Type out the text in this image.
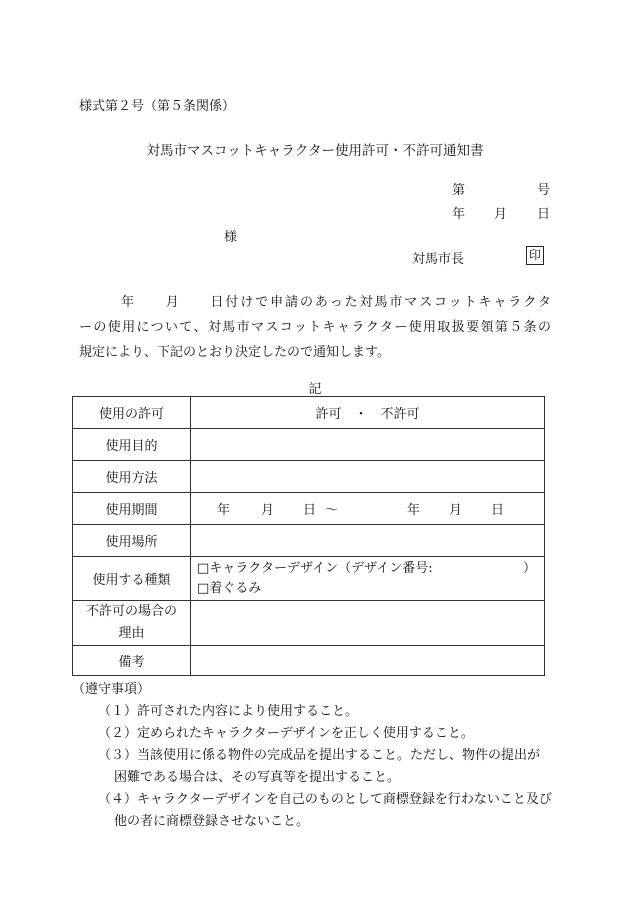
様式第２号（第５条関係）
対馬市マスコットキャラクター使用許可・不許可通知書
第	号
年 月 日
様
対馬市長	印
年　　月　　日付けで申請のあった対馬市マスコットキャラクタ
ーの使用について、対馬市マスコットキャラクター使用取扱要領第５条の
規定により、下記のとおり決定したので通知します。
記
使用の許可	許可　・　不許可
使用目的	
使用方法	
使用期間	年 月 日 ～ 年 月 日
使用場所	
使用する種類	□キャラクターデザイン（デザイン番号: ）
□着ぐるみ

不許可の場合の
理由	

備考	
（遵守事項）
（１）許可された内容により使用すること。
（２）定められたキャラクターデザインを正しく使用すること。
（３）当該使用に係る物件の完成品を提出すること。ただし、物件の提出が困難である場合は、その写真等を提出すること。
（４）キャラクターデザインを自己のものとして商標登録を行わないこと及び他の者に商標登録させないこと。
